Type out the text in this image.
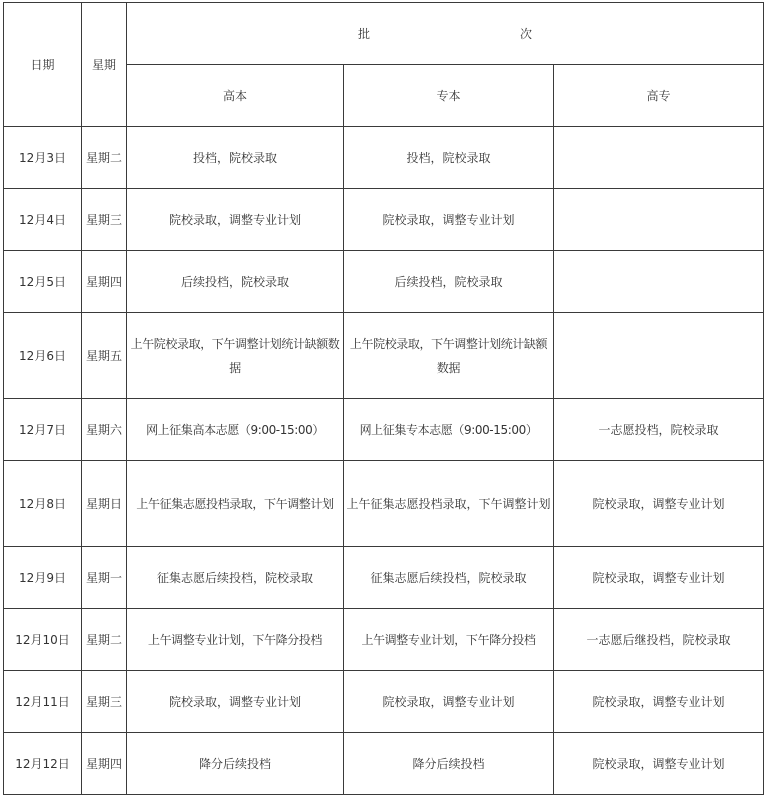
日期	星期	批 次		
		高本	专本	高专
12月3日	星期二	投档，院校录取	投档，院校录取	
12月4日	星期三	院校录取，调整专业计划	院校录取，调整专业计划	
12月5日	星期四	后续投档，院校录取	后续投档，院校录取	
12月6日	星期五	上午院校录取，下午调整计划统计缺额数据	上午院校录取，下午调整计划统计缺额数据	
12月7日	星期六	网上征集高本志愿（9:00-15:00）	网上征集专本志愿（9:00-15:00）	一志愿投档，院校录取
12月8日	星期日	上午征集志愿投档录取，下午调整计划	上午征集志愿投档录取，下午调整计划	院校录取，调整专业计划
12月9日	星期一	征集志愿后续投档，院校录取	征集志愿后续投档，院校录取	院校录取，调整专业计划
12月10日	星期二	上午调整专业计划，下午降分投档	上午调整专业计划，下午降分投档	一志愿后继投档，院校录取
12月11日	星期三	院校录取，调整专业计划	院校录取，调整专业计划	院校录取，调整专业计划
12月12日	星期四	降分后续投档	降分后续投档	院校录取，调整专业计划
